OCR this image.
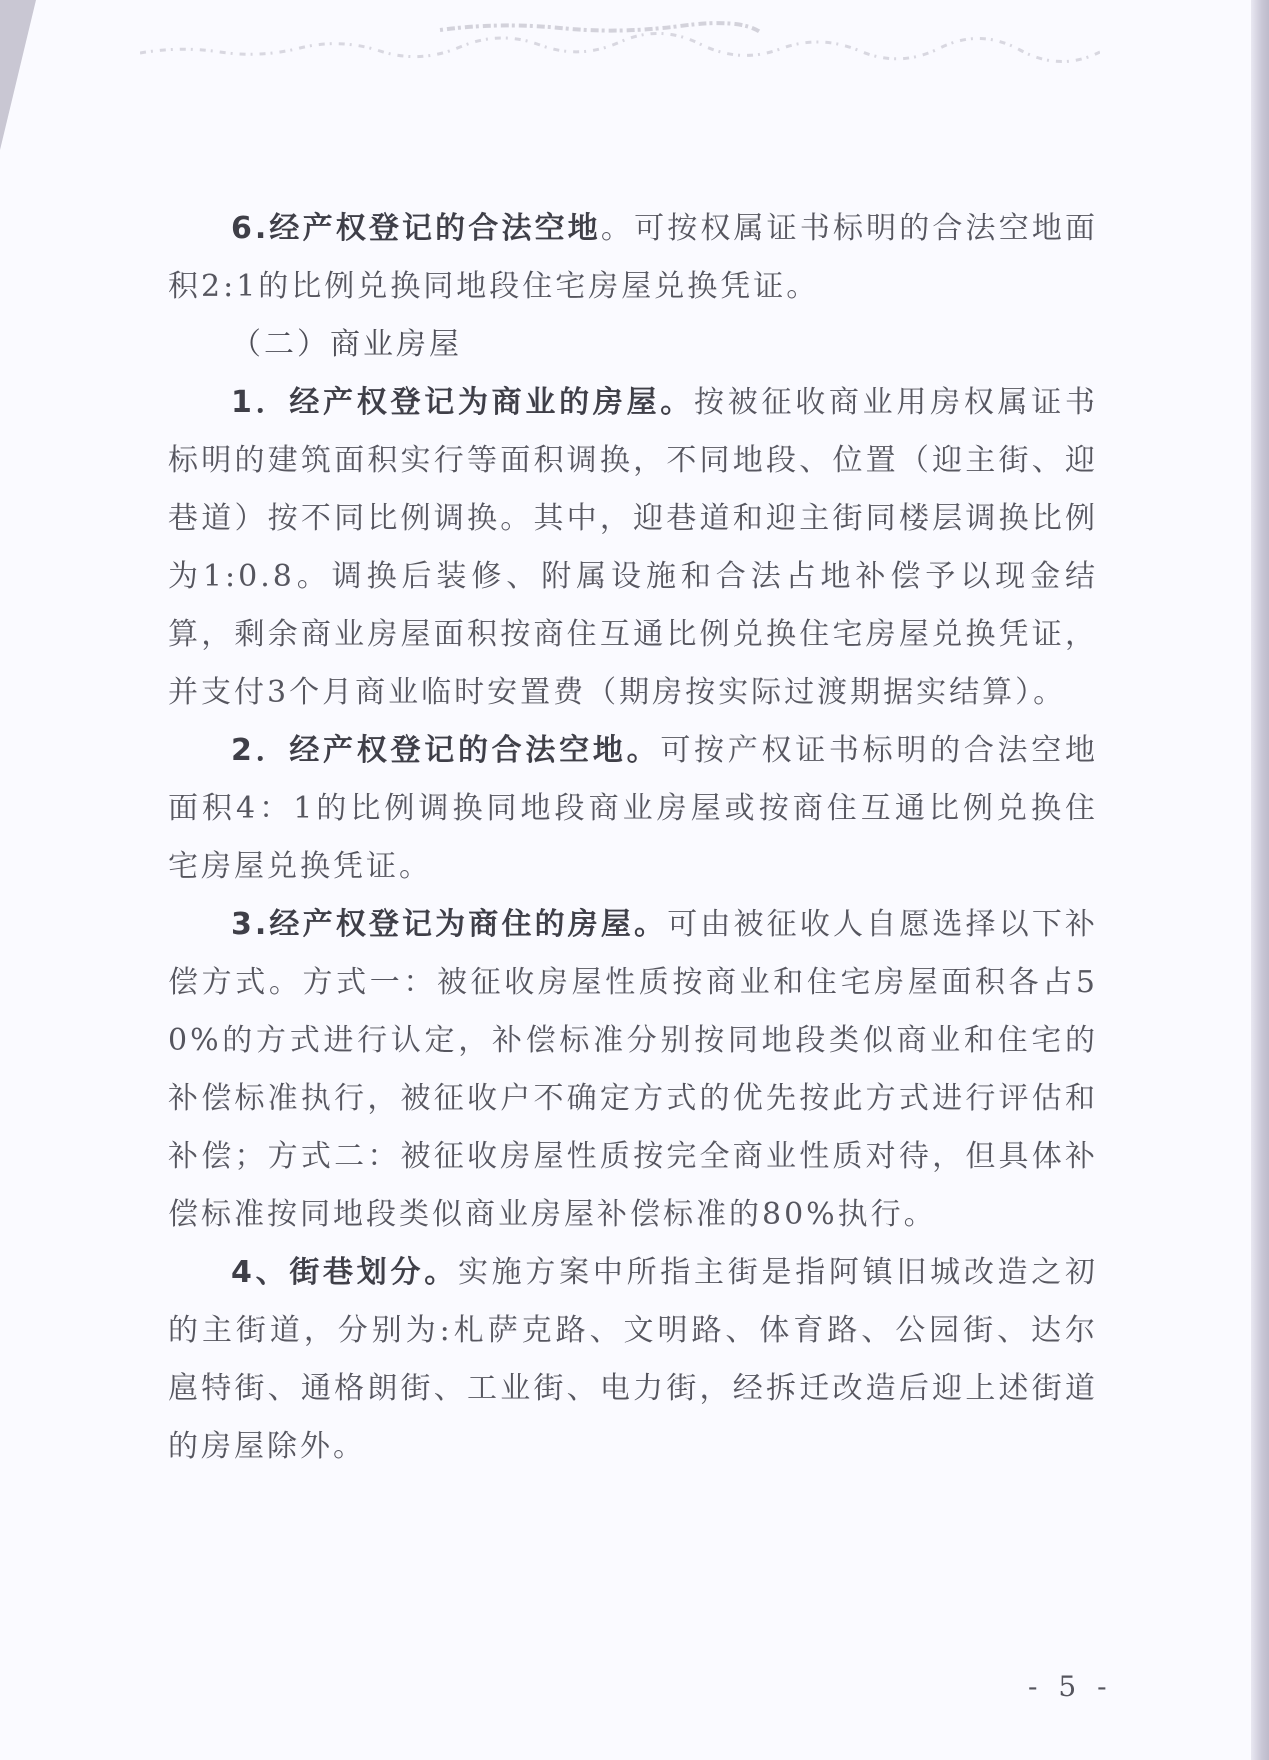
6.经产权登记的合法空地。可按权属证书标明的合法空地面积2:1的比例兑换同地段住宅房屋兑换凭证。

（二）商业房屋

1．经产权登记为商业的房屋。按被征收商业用房权属证书标明的建筑面积实行等面积调换，不同地段、位置（迎主街、迎巷道）按不同比例调换。其中，迎巷道和迎主街同楼层调换比例为1:0.8。调换后装修、附属设施和合法占地补偿予以现金结算，剩余商业房屋面积按商住互通比例兑换住宅房屋兑换凭证，并支付3个月商业临时安置费（期房按实际过渡期据实结算）。

2．经产权登记的合法空地。可按产权证书标明的合法空地面积4：1的比例调换同地段商业房屋或按商住互通比例兑换住宅房屋兑换凭证。

3.经产权登记为商住的房屋。可由被征收人自愿选择以下补偿方式。方式一：被征收房屋性质按商业和住宅房屋面积各占50%的方式进行认定，补偿标准分别按同地段类似商业和住宅的补偿标准执行，被征收户不确定方式的优先按此方式进行评估和补偿；方式二：被征收房屋性质按完全商业性质对待，但具体补偿标准按同地段类似商业房屋补偿标准的80%执行。

4、街巷划分。实施方案中所指主街是指阿镇旧城改造之初的主街道，分别为:札萨克路、文明路、体育路、公园街、达尔扈特街、通格朗街、工业街、电力街，经拆迁改造后迎上述街道的房屋除外。

- 5 -
